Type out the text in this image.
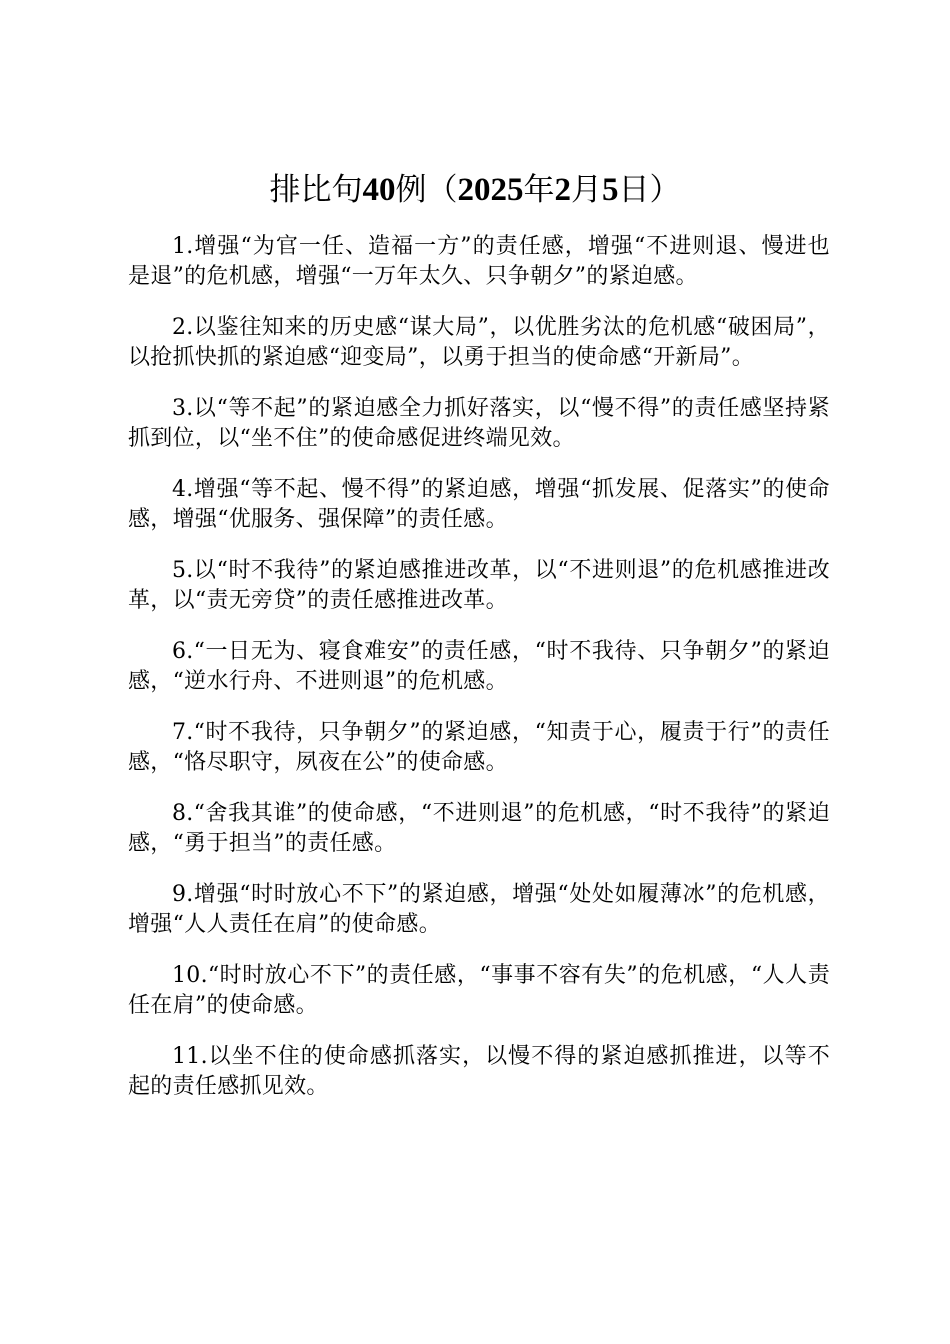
排比句40例（2025年2月5日）

1.增强“为官一任、造福一方”的责任感，增强“不进则退、慢进也是退”的危机感，增强“一万年太久、只争朝夕”的紧迫感。

2.以鉴往知来的历史感“谋大局”，以优胜劣汰的危机感“破困局”，以抢抓快抓的紧迫感“迎变局”，以勇于担当的使命感“开新局”。

3.以“等不起”的紧迫感全力抓好落实，以“慢不得”的责任感坚持紧抓到位，以“坐不住”的使命感促进终端见效。

4.增强“等不起、慢不得”的紧迫感，增强“抓发展、促落实”的使命感，增强“优服务、强保障”的责任感。

5.以“时不我待”的紧迫感推进改革，以“不进则退”的危机感推进改革，以“责无旁贷”的责任感推进改革。

6.“一日无为、寝食难安”的责任感，“时不我待、只争朝夕”的紧迫感，“逆水行舟、不进则退”的危机感。

7.“时不我待，只争朝夕”的紧迫感，“知责于心，履责于行”的责任感，“恪尽职守，夙夜在公”的使命感。

8.“舍我其谁”的使命感，“不进则退”的危机感，“时不我待”的紧迫感，“勇于担当”的责任感。

9.增强“时时放心不下”的紧迫感，增强“处处如履薄冰”的危机感，增强“人人责任在肩”的使命感。

10.“时时放心不下”的责任感，“事事不容有失”的危机感，“人人责任在肩”的使命感。

11.以坐不住的使命感抓落实，以慢不得的紧迫感抓推进，以等不起的责任感抓见效。
